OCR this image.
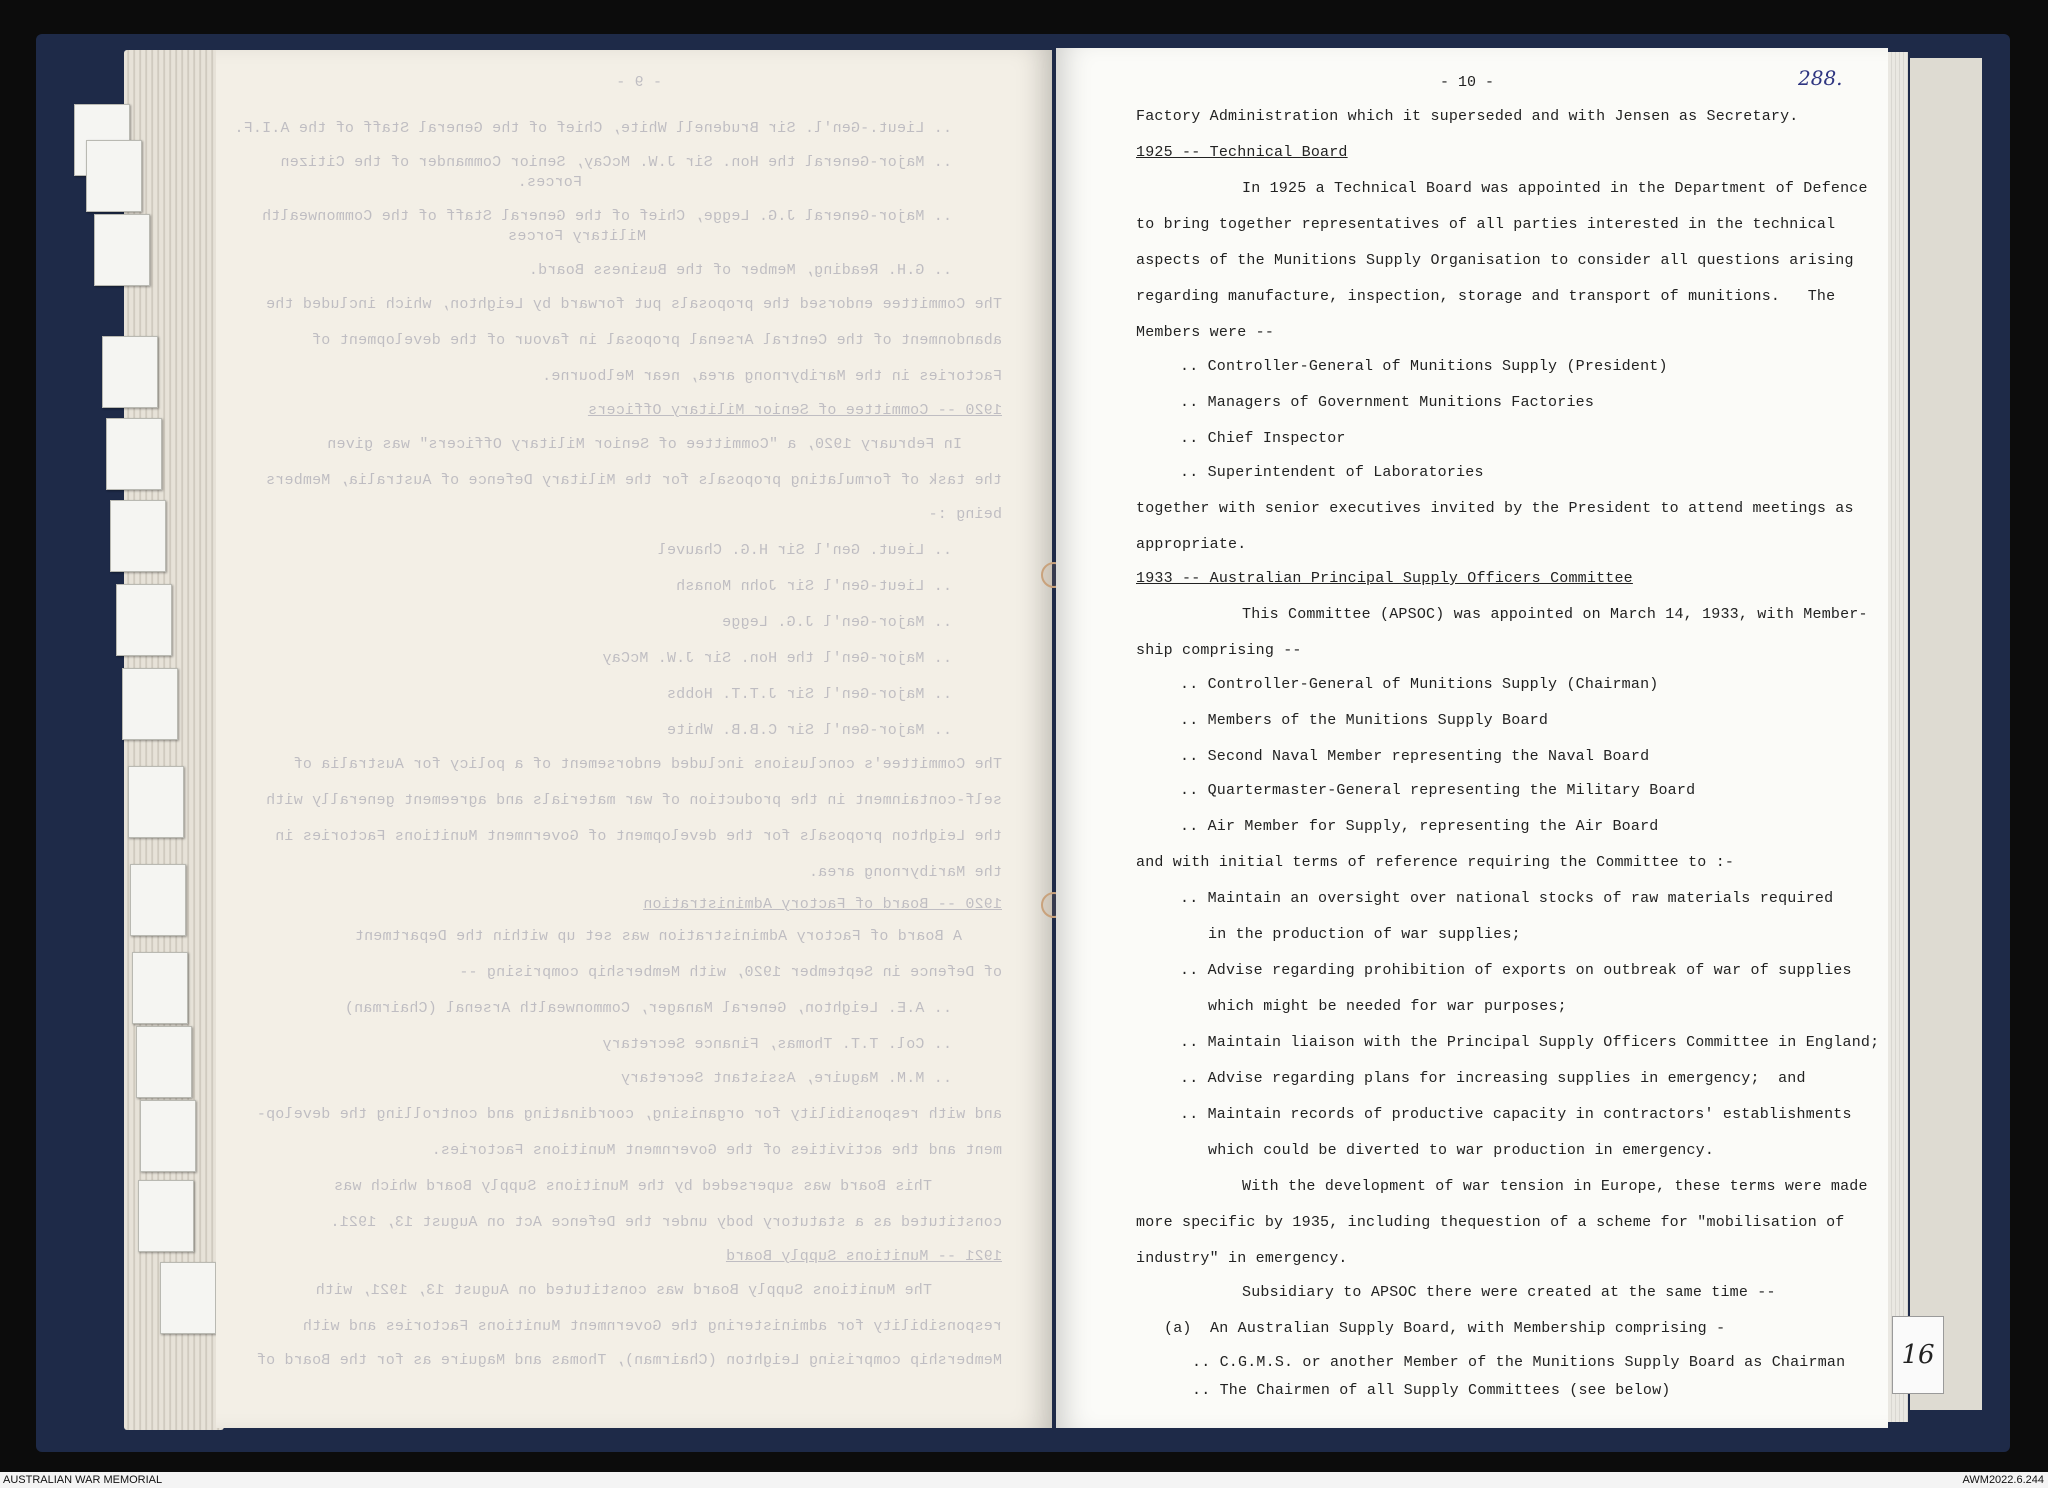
- 9 -
.. Lieut.-Gen'l. Sir Brudenell White, Chief of the General Staff of the A.I.F.
.. Major-General the Hon. Sir J.W. McCay, Senior Commander of the Citizen
Forces.
.. Major-General J.G. Legge, Chief of the General Staff of the Commonwealth
Military Forces
.. G.H. Reading, Member of the Business Board.
The Committee endorsed the proposals put forward by Leighton, which included the
abandonment of the Central Arsenal proposal in favour of the development of
Factories in the Maribyrnong area, near Melbourne.
1920 -- Committee of Senior Military Officers
In February 1920, a "Committee of Senior Military Officers" was given
the task of formulating proposals for the Military Defence of Australia, Members
being :-
.. Lieut. Gen'l Sir H.G. Chauvel
.. Lieut-Gen'l Sir John Monash
.. Major-Gen'l J.G. Legge
.. Major-Gen'l the Hon. Sir J.W. McCay
.. Major-Gen'l Sir J.T.T. Hobbs
.. Major-Gen'l Sir C.B.B. White
The Committee's conclusions included endorsement of a policy for Australia of
self-containment in the production of war materials and agreement generally with
the Leighton proposals for the development of Government Munitions Factories in
the Maribyrnong area.
1920 -- Board of Factory Administration
A Board of Factory Administration was set up within the Department
of Defence in September 1920, with Membership comprising --
.. A.E. Leighton, General Manager, Commonwealth Arsenal (Chairman)
.. Col. T.T. Thomas, Finance Secretary
.. M.M. Maguire, Assistant Secretary
and with responsibility for organising, coordinating and controlling the develop-
ment and the activities of the Government Munitions Factories.
This Board was superseded by the Munitions Supply Board which was
constituted as a statutory body under the Defence Act on August 13, 1921.
1921 -- Munitions Supply Board
The Munitions Supply Board was constituted on August 13, 1921, with
responsibility for administering the Government Munitions Factories and with
Membership comprising Leighton (Chairman), Thomas and Maguire as for the Board of
- 10 -	288.
Factory Administration which it superseded and with Jensen as Secretary.
1925 -- Technical Board
In 1925 a Technical Board was appointed in the Department of Defence
to bring together representatives of all parties interested in the technical
aspects of the Munitions Supply Organisation to consider all questions arising
regarding manufacture, inspection, storage and transport of munitions.   The
Members were --
.. Controller-General of Munitions Supply (President)
.. Managers of Government Munitions Factories
.. Chief Inspector
.. Superintendent of Laboratories
together with senior executives invited by the President to attend meetings as
appropriate.
1933 -- Australian Principal Supply Officers Committee
This Committee (APSOC) was appointed on March 14, 1933, with Member-
ship comprising --
.. Controller-General of Munitions Supply (Chairman)
.. Members of the Munitions Supply Board
.. Second Naval Member representing the Naval Board
.. Quartermaster-General representing the Military Board
.. Air Member for Supply, representing the Air Board
and with initial terms of reference requiring the Committee to :-
.. Maintain an oversight over national stocks of raw materials required
in the production of war supplies;
.. Advise regarding prohibition of exports on outbreak of war of supplies
which might be needed for war purposes;
.. Maintain liaison with the Principal Supply Officers Committee in England;
.. Advise regarding plans for increasing supplies in emergency;  and
.. Maintain records of productive capacity in contractors' establishments
which could be diverted to war production in emergency.
With the development of war tension in Europe, these terms were made
more specific by 1935, including thequestion of a scheme for "mobilisation of
industry" in emergency.
Subsidiary to APSOC there were created at the same time --
(a)  An Australian Supply Board, with Membership comprising -
.. C.G.M.S. or another Member of the Munitions Supply Board as Chairman
.. The Chairmen of all Supply Committees (see below)
16
AUSTRALIAN WAR MEMORIAL	AWM2022.6.244
